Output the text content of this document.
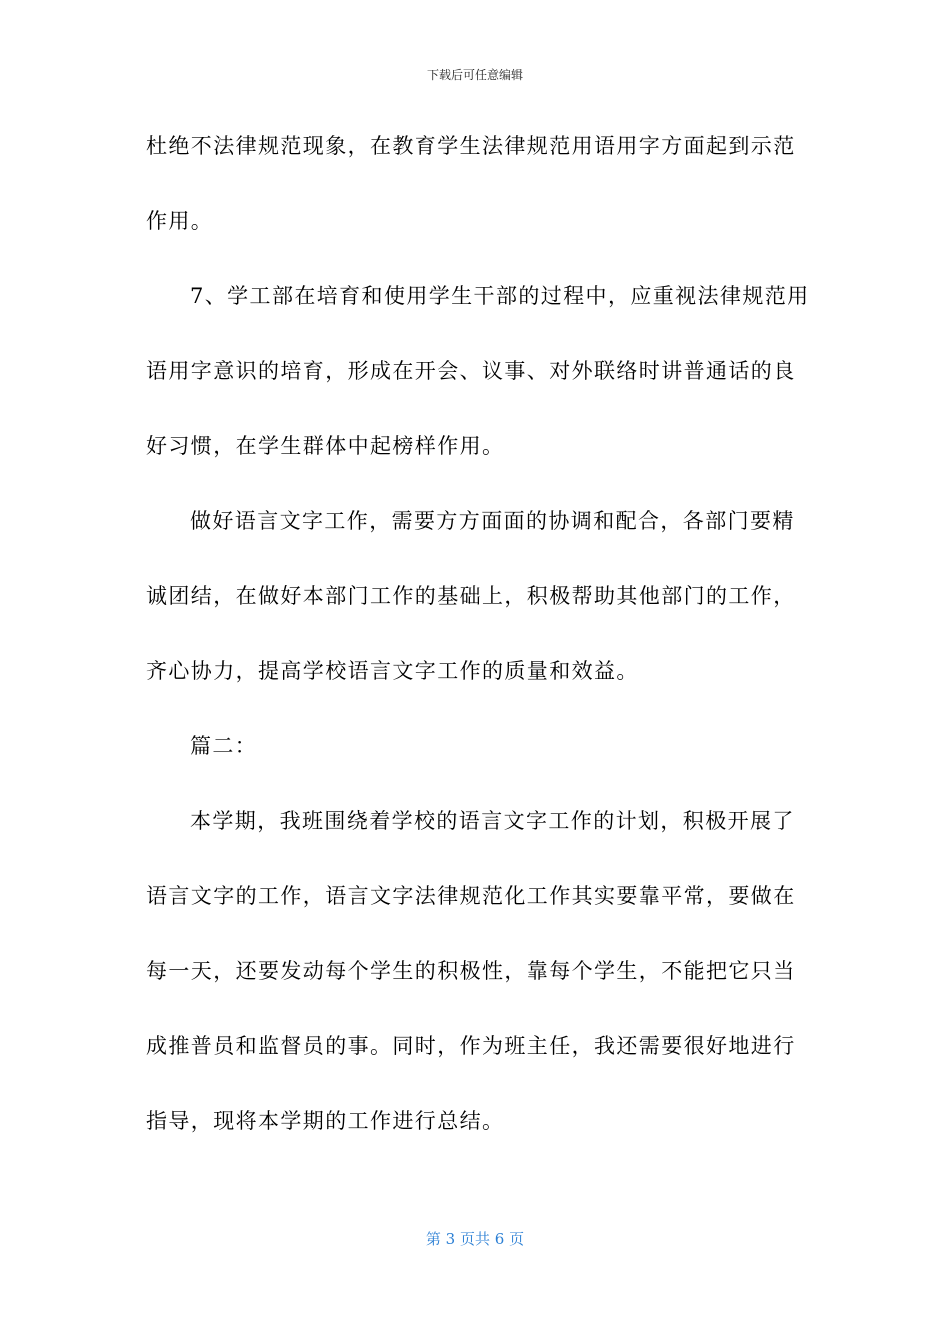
下载后可任意编辑
杜绝不法律规范现象，在教育学生法律规范用语用字方面起到示范
作用。
7、学工部在培育和使用学生干部的过程中，应重视法律规范用
语用字意识的培育，形成在开会、议事、对外联络时讲普通话的良
好习惯，在学生群体中起榜样作用。
做好语言文字工作，需要方方面面的协调和配合，各部门要精
诚团结，在做好本部门工作的基础上，积极帮助其他部门的工作，
齐心协力，提高学校语言文字工作的质量和效益。
篇二：
本学期，我班围绕着学校的语言文字工作的计划，积极开展了
语言文字的工作，语言文字法律规范化工作其实要靠平常，要做在
每一天，还要发动每个学生的积极性，靠每个学生，不能把它只当
成推普员和监督员的事。同时，作为班主任，我还需要很好地进行
指导，现将本学期的工作进行总结。
第 3 页共 6 页
